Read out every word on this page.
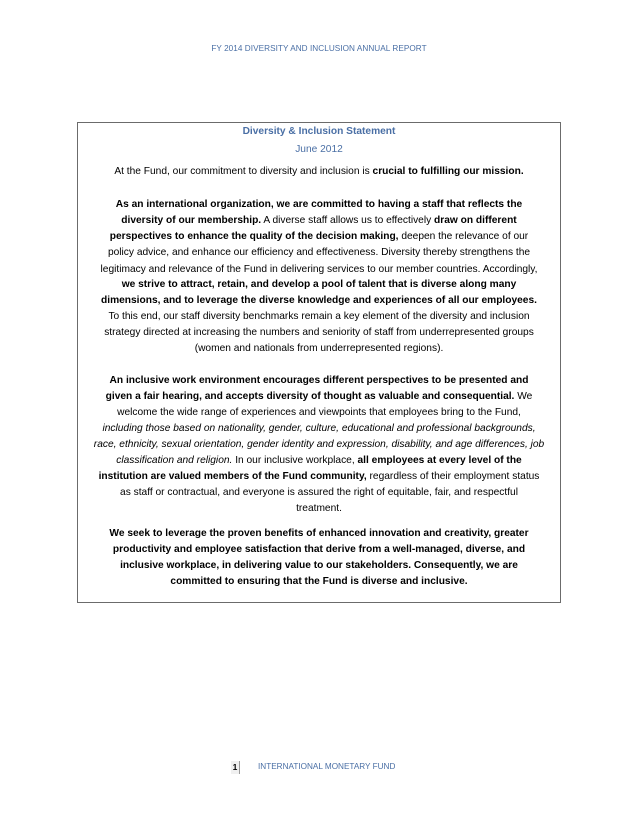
FY 2014 DIVERSITY AND INCLUSION ANNUAL REPORT
Diversity & Inclusion Statement
June 2012
At the Fund, our commitment to diversity and inclusion is crucial to fulfilling our mission.
As an international organization, we are committed to having a staff that reflects the
diversity of our membership. A diverse staff allows us to effectively draw on different
perspectives to enhance the quality of the decision making, deepen the relevance of our
policy advice, and enhance our efficiency and effectiveness. Diversity thereby strengthens the
legitimacy and relevance of the Fund in delivering services to our member countries. Accordingly,
we strive to attract, retain, and develop a pool of talent that is diverse along many
dimensions, and to leverage the diverse knowledge and experiences of all our employees.
To this end, our staff diversity benchmarks remain a key element of the diversity and inclusion
strategy directed at increasing the numbers and seniority of staff from underrepresented groups
(women and nationals from underrepresented regions).
An inclusive work environment encourages different perspectives to be presented and
given a fair hearing, and accepts diversity of thought as valuable and consequential. We
welcome the wide range of experiences and viewpoints that employees bring to the Fund,
including those based on nationality, gender, culture, educational and professional backgrounds,
race, ethnicity, sexual orientation, gender identity and expression, disability, and age differences, job
classification and religion. In our inclusive workplace, all employees at every level of the
institution are valued members of the Fund community, regardless of their employment status
as staff or contractual, and everyone is assured the right of equitable, fair, and respectful
treatment.
We seek to leverage the proven benefits of enhanced innovation and creativity, greater
productivity and employee satisfaction that derive from a well-managed, diverse, and
inclusive workplace, in delivering value to our stakeholders. Consequently, we are
committed to ensuring that the Fund is diverse and inclusive.
1	INTERNATIONAL MONETARY FUND
